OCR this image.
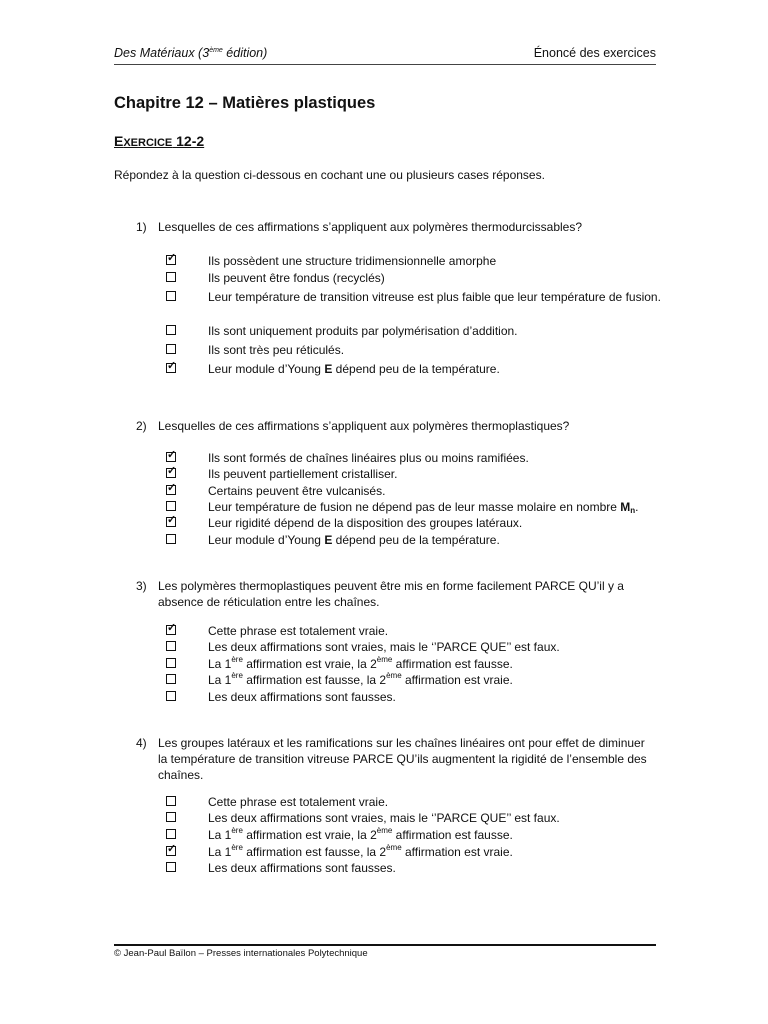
Des Matériaux (3ème édition)	Énoncé des exercices
Chapitre 12 – Matières plastiques
EXERCICE 12-2
Répondez à la question ci-dessous en cochant une ou plusieurs cases réponses.
1) Lesquelles de ces affirmations s’appliquent aux polymères thermodurcissables?
✓	Ils possèdent une structure tridimensionnelle amorphe
Ils peuvent être fondus (recyclés)
Leur température de transition vitreuse est plus faible que leur température de fusion.
Ils sont uniquement produits par polymérisation d’addition.
Ils sont très peu réticulés.
✓	Leur module d’Young E dépend peu de la température.
2) Lesquelles de ces affirmations s’appliquent aux polymères thermoplastiques?
✓	Ils sont formés de chaînes linéaires plus ou moins ramifiées.
✓	Ils peuvent partiellement cristalliser.
✓	Certains peuvent être vulcanisés.
Leur température de fusion ne dépend pas de leur masse molaire en nombre $M_n$.
✓	Leur rigidité dépend de la disposition des groupes latéraux.
Leur module d’Young E dépend peu de la température.
3) Les polymères thermoplastiques peuvent être mis en forme facilement PARCE QU’il y a absence de réticulation entre les chaînes.
✓	Cette phrase est totalement vraie.
Les deux affirmations sont vraies, mais le ‘’PARCE QUE’’ est faux.
La 1ère affirmation est vraie, la 2ème affirmation est fausse.
La 1ère affirmation est fausse, la 2ème affirmation est vraie.
Les deux affirmations sont fausses.
4) Les groupes latéraux et les ramifications sur les chaînes linéaires ont pour effet de diminuer la température de transition vitreuse PARCE QU’ils augmentent la rigidité de l’ensemble des chaînes.
Cette phrase est totalement vraie.
Les deux affirmations sont vraies, mais le ‘’PARCE QUE’’ est faux.
La 1ère affirmation est vraie, la 2ème affirmation est fausse.
✓	La 1ère affirmation est fausse, la 2ème affirmation est vraie.
Les deux affirmations sont fausses.
© Jean-Paul Baïlon – Presses internationales Polytechnique
